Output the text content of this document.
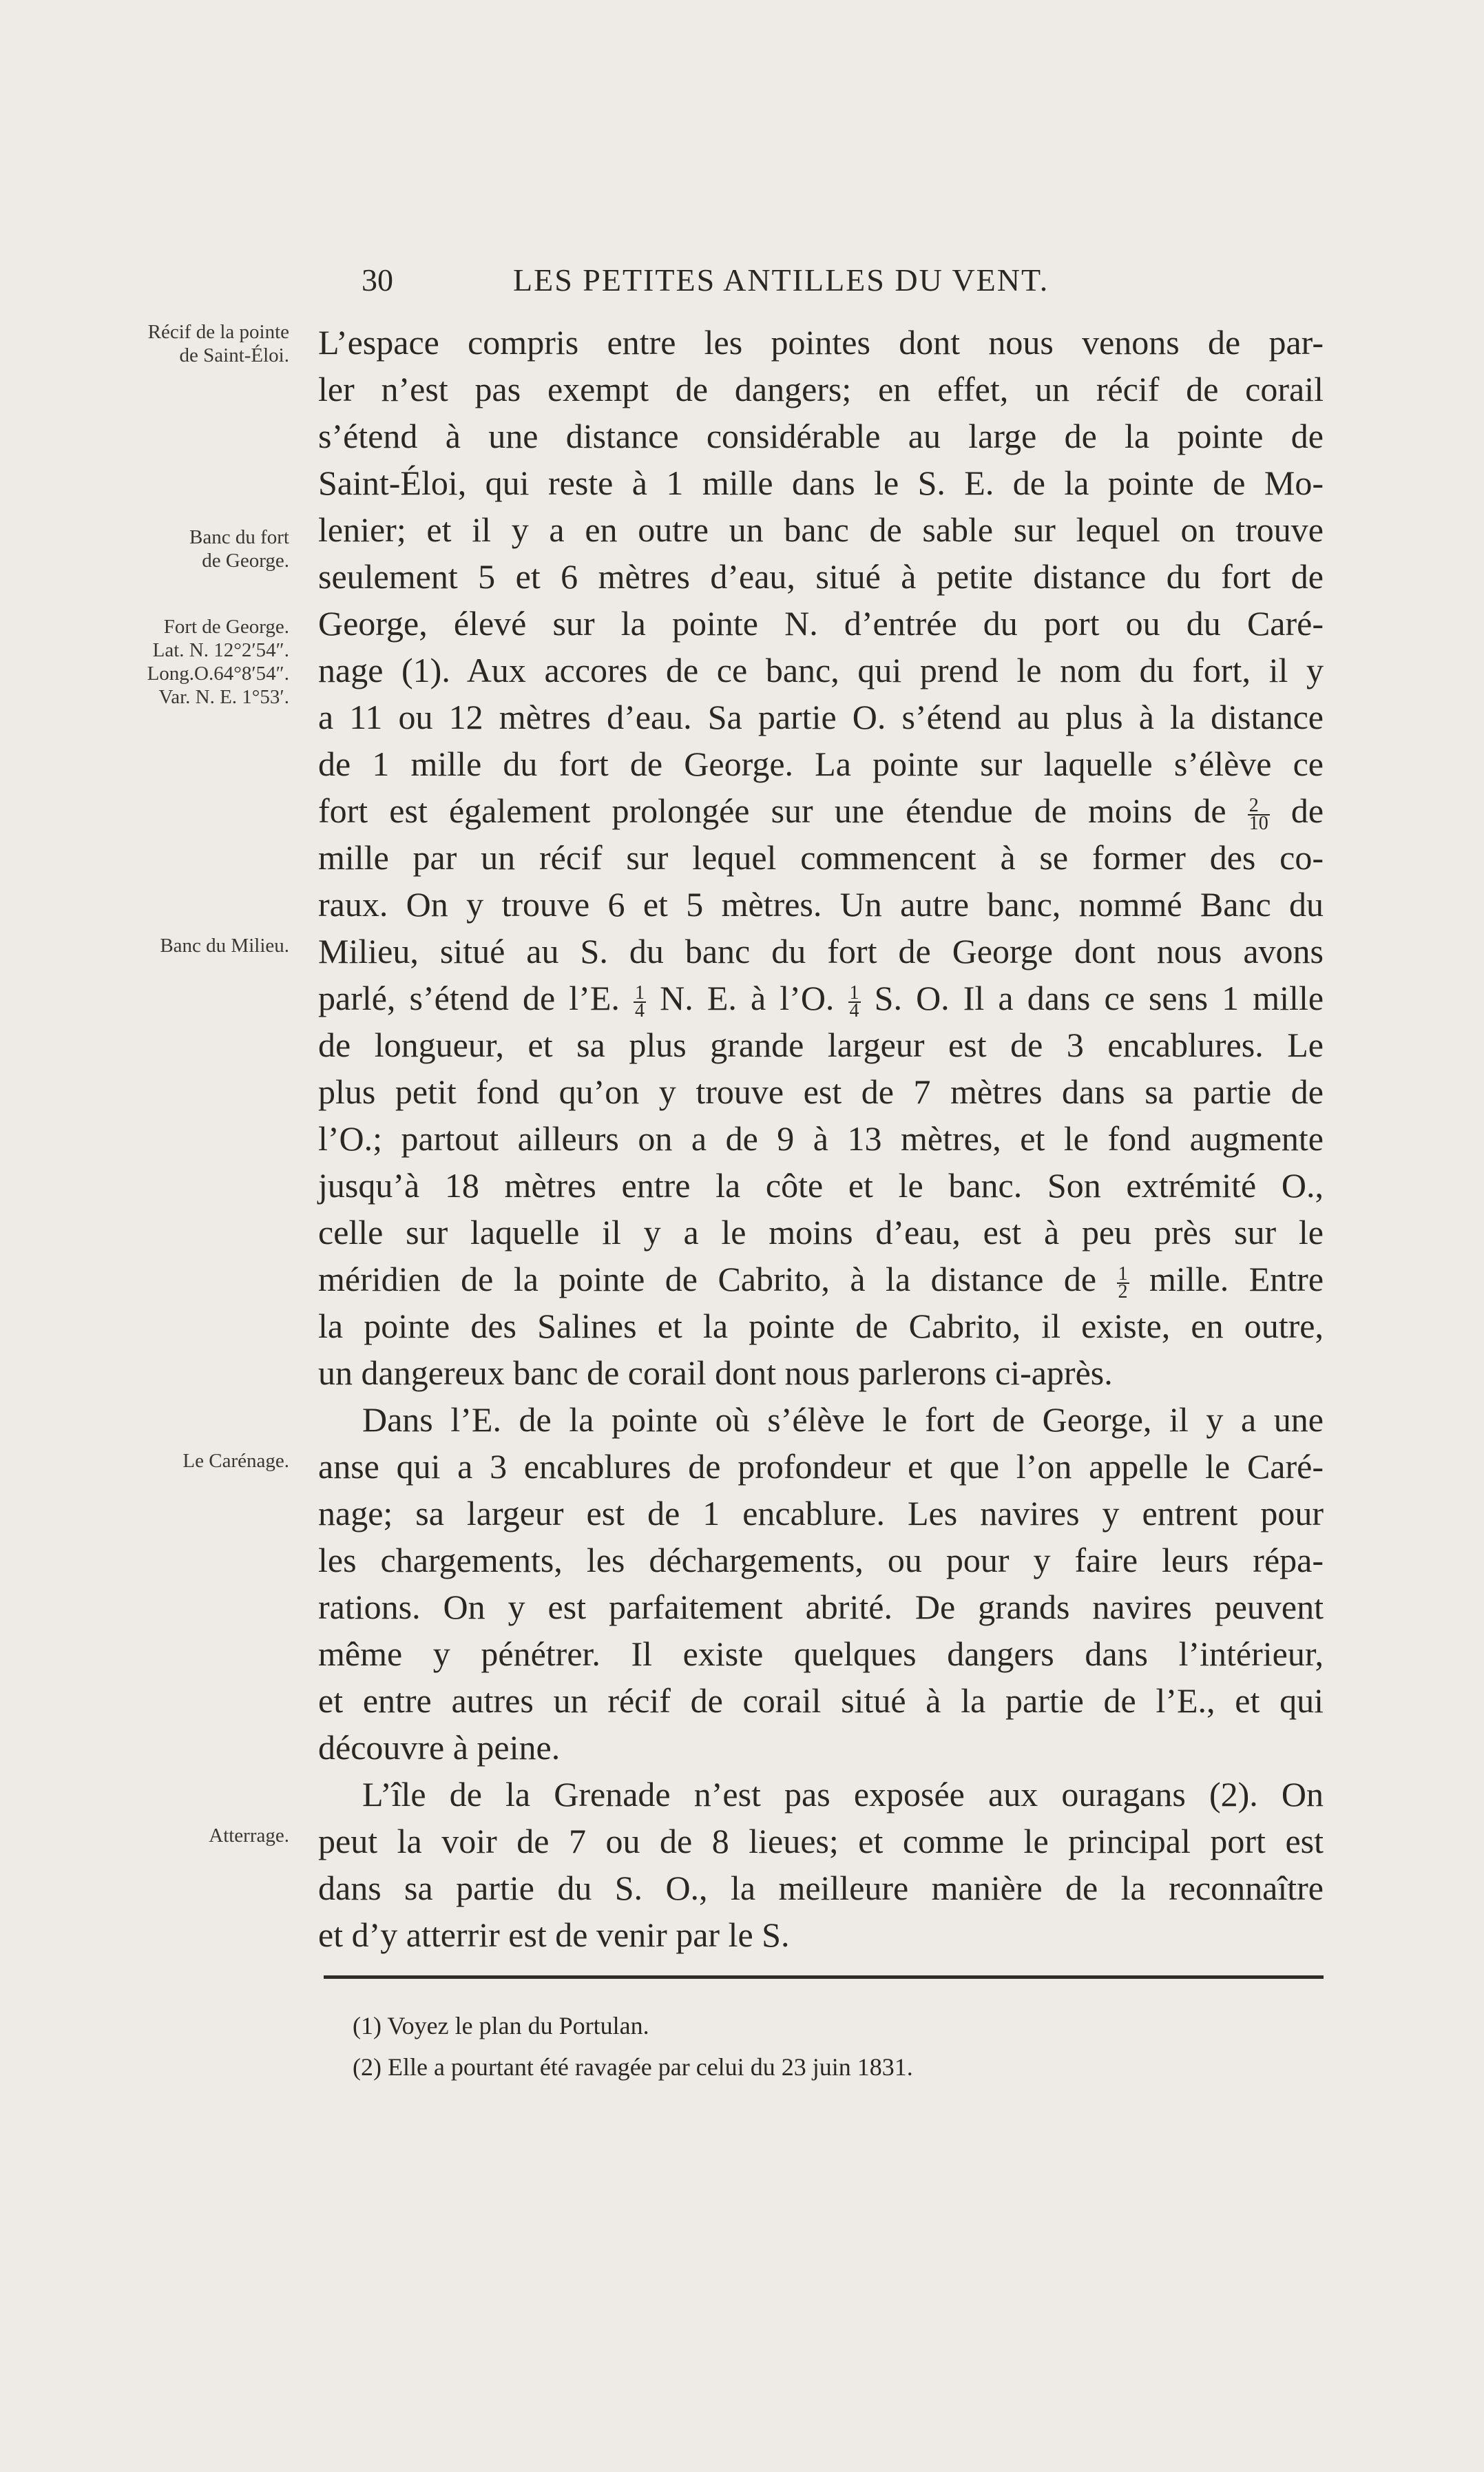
30	LES PETITES ANTILLES DU VENT.
Récif de la pointe
de Saint-Éloi.
Banc du fort
de George.
Fort de George.
Lat. N. 12°2′54″.
Long.O.64°8′54″.
Var. N. E. 1°53′.
Banc du Milieu.
Le Carénage.
Atterrage.
L’espace compris entre les pointes dont nous venons de par-
ler n’est pas exempt de dangers; en effet, un récif de corail
s’étend à une distance considérable au large de la pointe de
Saint-Éloi, qui reste à 1 mille dans le S. E. de la pointe de Mo-
lenier; et il y a en outre un banc de sable sur lequel on trouve
seulement 5 et 6 mètres d’eau, situé à petite distance du fort de
George, élevé sur la pointe N. d’entrée du port ou du Caré-
nage (1). Aux accores de ce banc, qui prend le nom du fort, il y
a 11 ou 12 mètres d’eau. Sa partie O. s’étend au plus à la distance
de 1 mille du fort de George. La pointe sur laquelle s’élève ce
fort est également prolongée sur une étendue de moins de $\frac{2}{10}$ de
mille par un récif sur lequel commencent à se former des co-
raux. On y trouve 6 et 5 mètres. Un autre banc, nommé Banc du
Milieu, situé au S. du banc du fort de George dont nous avons
parlé, s’étend de l’E. $\frac{1}{4} N$. E. à l’O. $\frac{1}{4} S$. O. Il a dans ce sens 1 mille
de longueur, et sa plus grande largeur est de 3 encablures. Le
plus petit fond qu’on y trouve est de 7 mètres dans sa partie de
l’O.; partout ailleurs on a de 9 à 13 mètres, et le fond augmente
jusqu’à 18 mètres entre la côte et le banc. Son extrémité O.,
celle sur laquelle il y a le moins d’eau, est à peu près sur le
méridien de la pointe de Cabrito, à la distance de $\frac{1}{2}$ mille. Entre
la pointe des Salines et la pointe de Cabrito, il existe, en outre,
un dangereux banc de corail dont nous parlerons ci-après.
Dans l’E. de la pointe où s’élève le fort de George, il y a une
anse qui a 3 encablures de profondeur et que l’on appelle le Caré-
nage; sa largeur est de 1 encablure. Les navires y entrent pour
les chargements, les déchargements, ou pour y faire leurs répa-
rations. On y est parfaitement abrité. De grands navires peuvent
même y pénétrer. Il existe quelques dangers dans l’intérieur,
et entre autres un récif de corail situé à la partie de l’E., et qui
découvre à peine.
L’île de la Grenade n’est pas exposée aux ouragans (2). On
peut la voir de 7 ou de 8 lieues; et comme le principal port est
dans sa partie du S. O., la meilleure manière de la reconnaître
et d’y atterrir est de venir par le S.
(1) Voyez le plan du Portulan.
(2) Elle a pourtant été ravagée par celui du 23 juin 1831.
